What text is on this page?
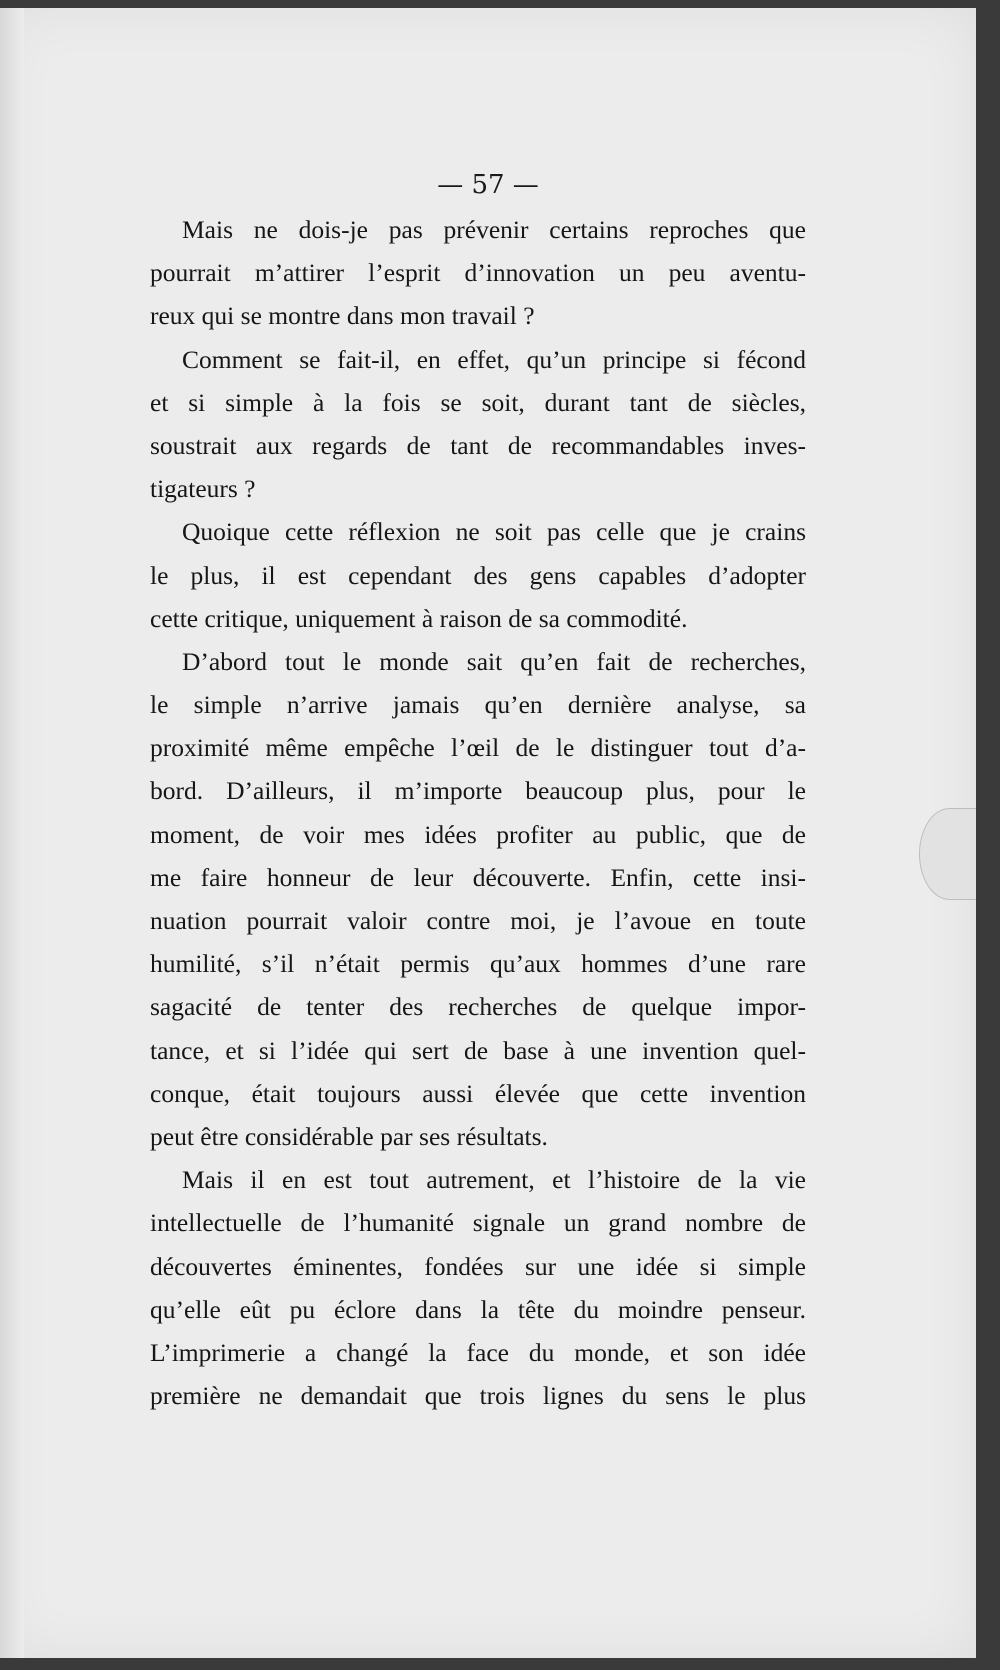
— 57 —
Mais ne dois-je pas prévenir certains reproches que
pourrait m’attirer l’esprit d’innovation un peu aventu-
reux qui se montre dans mon travail ?
Comment se fait-il, en effet, qu’un principe si fécond
et si simple à la fois se soit, durant tant de siècles,
soustrait aux regards de tant de recommandables inves-
tigateurs ?
Quoique cette réflexion ne soit pas celle que je crains
le plus, il est cependant des gens capables d’adopter
cette critique, uniquement à raison de sa commodité.
D’abord tout le monde sait qu’en fait de recherches,
le simple n’arrive jamais qu’en dernière analyse, sa
proximité même empêche l’œil de le distinguer tout d’a-
bord. D’ailleurs, il m’importe beaucoup plus, pour le
moment, de voir mes idées profiter au public, que de
me faire honneur de leur découverte. Enfin, cette insi-
nuation pourrait valoir contre moi, je l’avoue en toute
humilité, s’il n’était permis qu’aux hommes d’une rare
sagacité de tenter des recherches de quelque impor-
tance, et si l’idée qui sert de base à une invention quel-
conque, était toujours aussi élevée que cette invention
peut être considérable par ses résultats.
Mais il en est tout autrement, et l’histoire de la vie
intellectuelle de l’humanité signale un grand nombre de
découvertes éminentes, fondées sur une idée si simple
qu’elle eût pu éclore dans la tête du moindre penseur.
L’imprimerie a changé la face du monde, et son idée
première ne demandait que trois lignes du sens le plus
